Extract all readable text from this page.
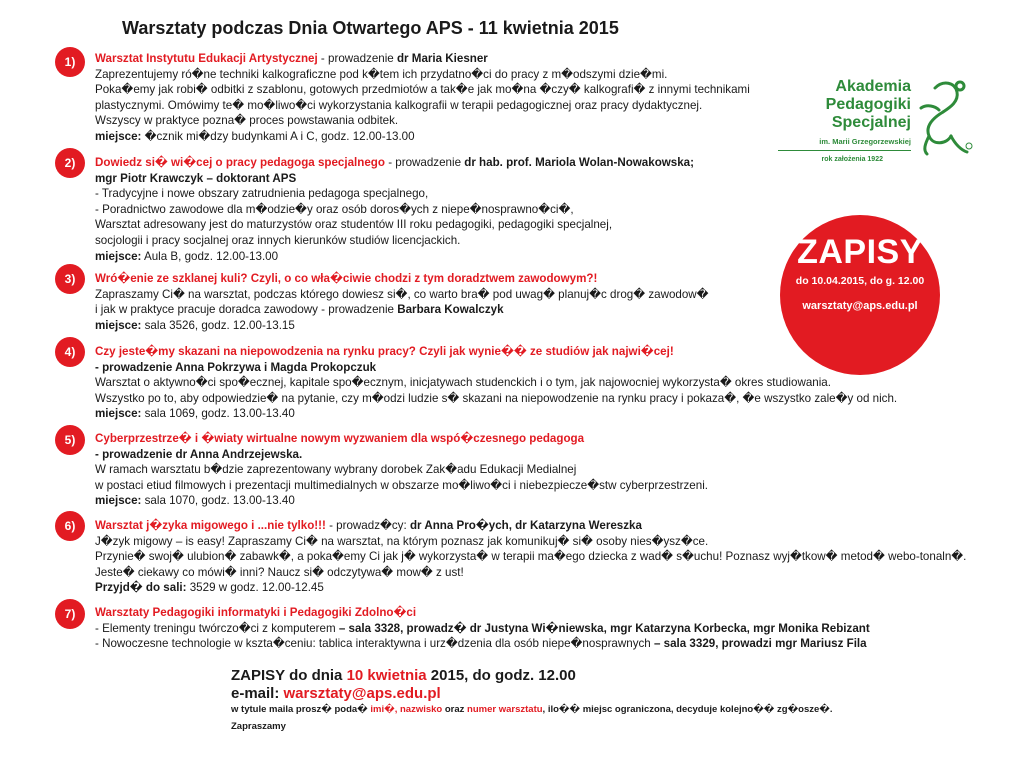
Warsztaty podczas Dnia Otwartego APS - 11 kwietnia 2015
Akademia
Pedagogiki
Specjalnej
im. Marii Grzegorzewskiej
rok założenia 1922
ZAPISY
do 10.04.2015, do g. 12.00
warsztaty@aps.edu.pl
1)	Warsztat Instytutu Edukacji Artystycznej - prowadzenie dr Maria Kiesner
Zaprezentujemy ró�ne techniki kalkograficzne pod k�tem ich przydatno�ci do pracy z m�odszymi dzie�mi.
Poka�emy jak robi� odbitki z szablonu, gotowych przedmiotów a tak�e jak mo�na �czy� kalkografi� z innymi technikami
plastycznymi. Omówimy te� mo�liwo�ci wykorzystania kalkografii w terapii pedagogicznej oraz pracy dydaktycznej.
Wszyscy w praktyce pozna� proces powstawania odbitek.
miejsce: �cznik mi�dzy budynkami A i C, godz. 12.00-13.00
2)	Dowiedz si� wi�cej o pracy pedagoga specjalnego - prowadzenie dr hab. prof. Mariola Wolan-Nowakowska;
mgr Piotr Krawczyk – doktorant APS
- Tradycyjne i nowe obszary zatrudnienia pedagoga specjalnego,
- Poradnictwo zawodowe dla m�odzie�y oraz osób doros�ych z niepe�nosprawno�ci�,
Warsztat adresowany jest do maturzystów oraz studentów III roku pedagogiki, pedagogiki specjalnej,
socjologii i pracy socjalnej oraz innych kierunków studiów licencjackich.
miejsce: Aula B, godz. 12.00-13.00
3)	Wró�enie ze szklanej kuli? Czyli, o co wła�ciwie chodzi z tym doradztwem zawodowym?!
Zapraszamy Ci� na warsztat, podczas którego dowiesz si�, co warto bra� pod uwag� planuj�c drog� zawodow�
i jak w praktyce pracuje doradca zawodowy - prowadzenie Barbara Kowalczyk
miejsce: sala 3526, godz. 12.00-13.15
4)	Czy jeste�my skazani na niepowodzenia na rynku pracy? Czyli jak wynie�� ze studiów jak najwi�cej!
- prowadzenie Anna Pokrzywa i Magda Prokopczuk
Warsztat o aktywno�ci spo�ecznej, kapitale spo�ecznym, inicjatywach studenckich i o tym, jak najowocniej wykorzysta� okres studiowania.
Wszystko po to, aby odpowiedzie� na pytanie, czy m�odzi ludzie s� skazani na niepowodzenie na rynku pracy i pokaza�, �e wszystko zale�y od nich.
miejsce: sala 1069, godz. 13.00-13.40
5)	Cyberprzestrze� i �wiaty wirtualne nowym wyzwaniem dla wspó�czesnego pedagoga
- prowadzenie dr Anna Andrzejewska.
W ramach warsztatu b�dzie zaprezentowany wybrany dorobek Zak�adu Edukacji Medialnej
w postaci etiud filmowych i prezentacji multimedialnych w obszarze mo�liwo�ci i niebezpiecze�stw cyberprzestrzeni.
miejsce: sala 1070, godz. 13.00-13.40
6)	Warsztat j�zyka migowego i ...nie tylko!!! - prowadz�cy: dr Anna Pro�ych, dr Katarzyna Wereszka
J�zyk migowy – is easy! Zapraszamy Ci� na warsztat, na którym poznasz jak komunikuj� si� osoby nies�ysz�ce.
Przynie� swoj� ulubion� zabawk�, a poka�emy Ci jak j� wykorzysta� w terapii ma�ego dziecka z wad� s�uchu! Poznasz wyj�tkow� metod� webo-tonaln�.
Jeste� ciekawy co mówi� inni? Naucz si� odczytywa� mow� z ust!
Przyjd� do sali: 3529 w godz. 12.00-12.45
7)	Warsztaty Pedagogiki informatyki i Pedagogiki Zdolno�ci
- Elementy treningu twórczo�ci z komputerem – sala 3328, prowadz� dr Justyna Wi�niewska, mgr Katarzyna Korbecka, mgr Monika Rebizant
- Nowoczesne technologie w kszta�ceniu: tablica interaktywna i urz�dzenia dla osób niepe�nosprawnych – sala 3329, prowadzi mgr Mariusz Fila
ZAPISY do dnia 10 kwietnia 2015, do godz. 12.00
e-mail: warsztaty@aps.edu.pl
w tytule maila prosz� poda� imi�, nazwisko oraz numer warsztatu, ilo�� miejsc ograniczona, decyduje kolejno�� zg�osze�.
Zapraszamy
